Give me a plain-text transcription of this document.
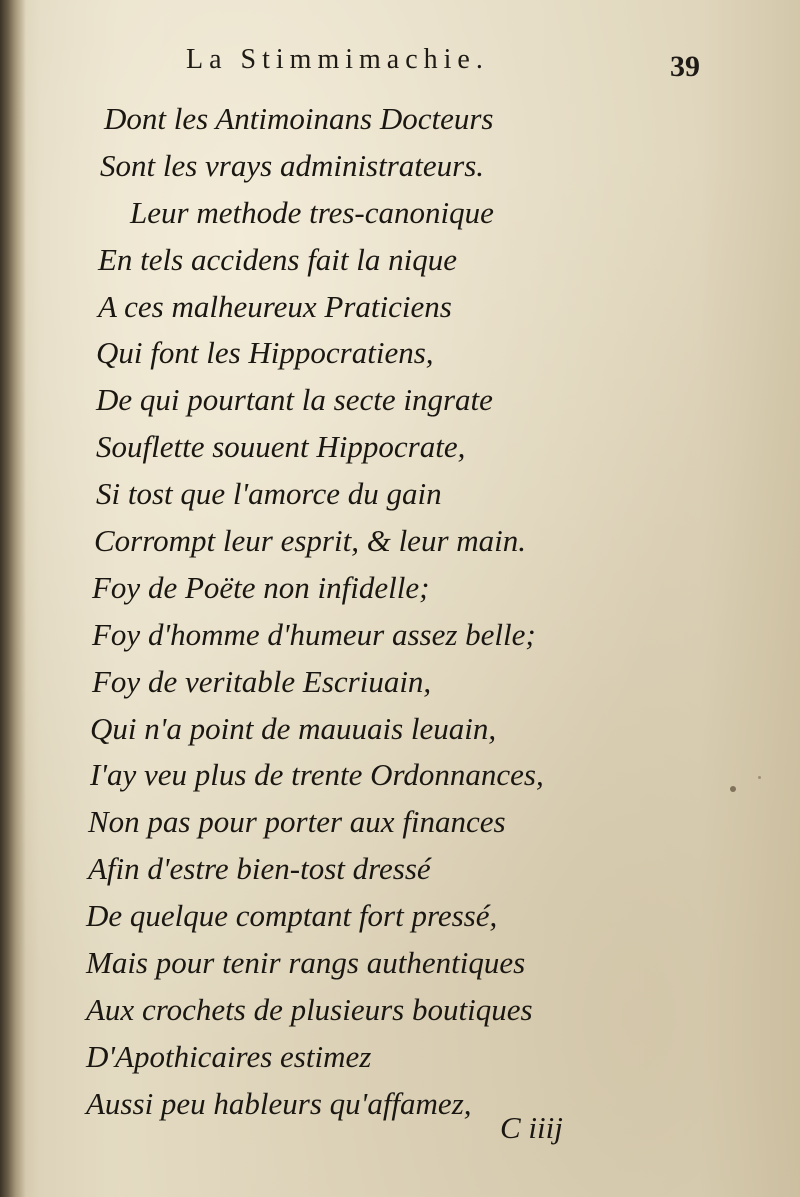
La Stimmimachie.	39
Dont les Antimoinans Docteurs
Sont les vrays administrateurs.
Leur methode tres-canonique
En tels accidens fait la nique
A ces malheureux Praticiens
Qui font les Hippocratiens,
De qui pourtant la secte ingrate
Souflette souuent Hippocrate,
Si tost que l'amorce du gain
Corrompt leur esprit, & leur main.
Foy de Poëte non infidelle;
Foy d'homme d'humeur assez belle;
Foy de veritable Escriuain,
Qui n'a point de mauuais leuain,
I'ay veu plus de trente Ordonnances,
Non pas pour porter aux finances
Afin d'estre bien-tost dressé
De quelque comptant fort pressé,
Mais pour tenir rangs authentiques
Aux crochets de plusieurs boutiques
D'Apothicaires estimez
Aussi peu hableurs qu'affamez,
C iiij
